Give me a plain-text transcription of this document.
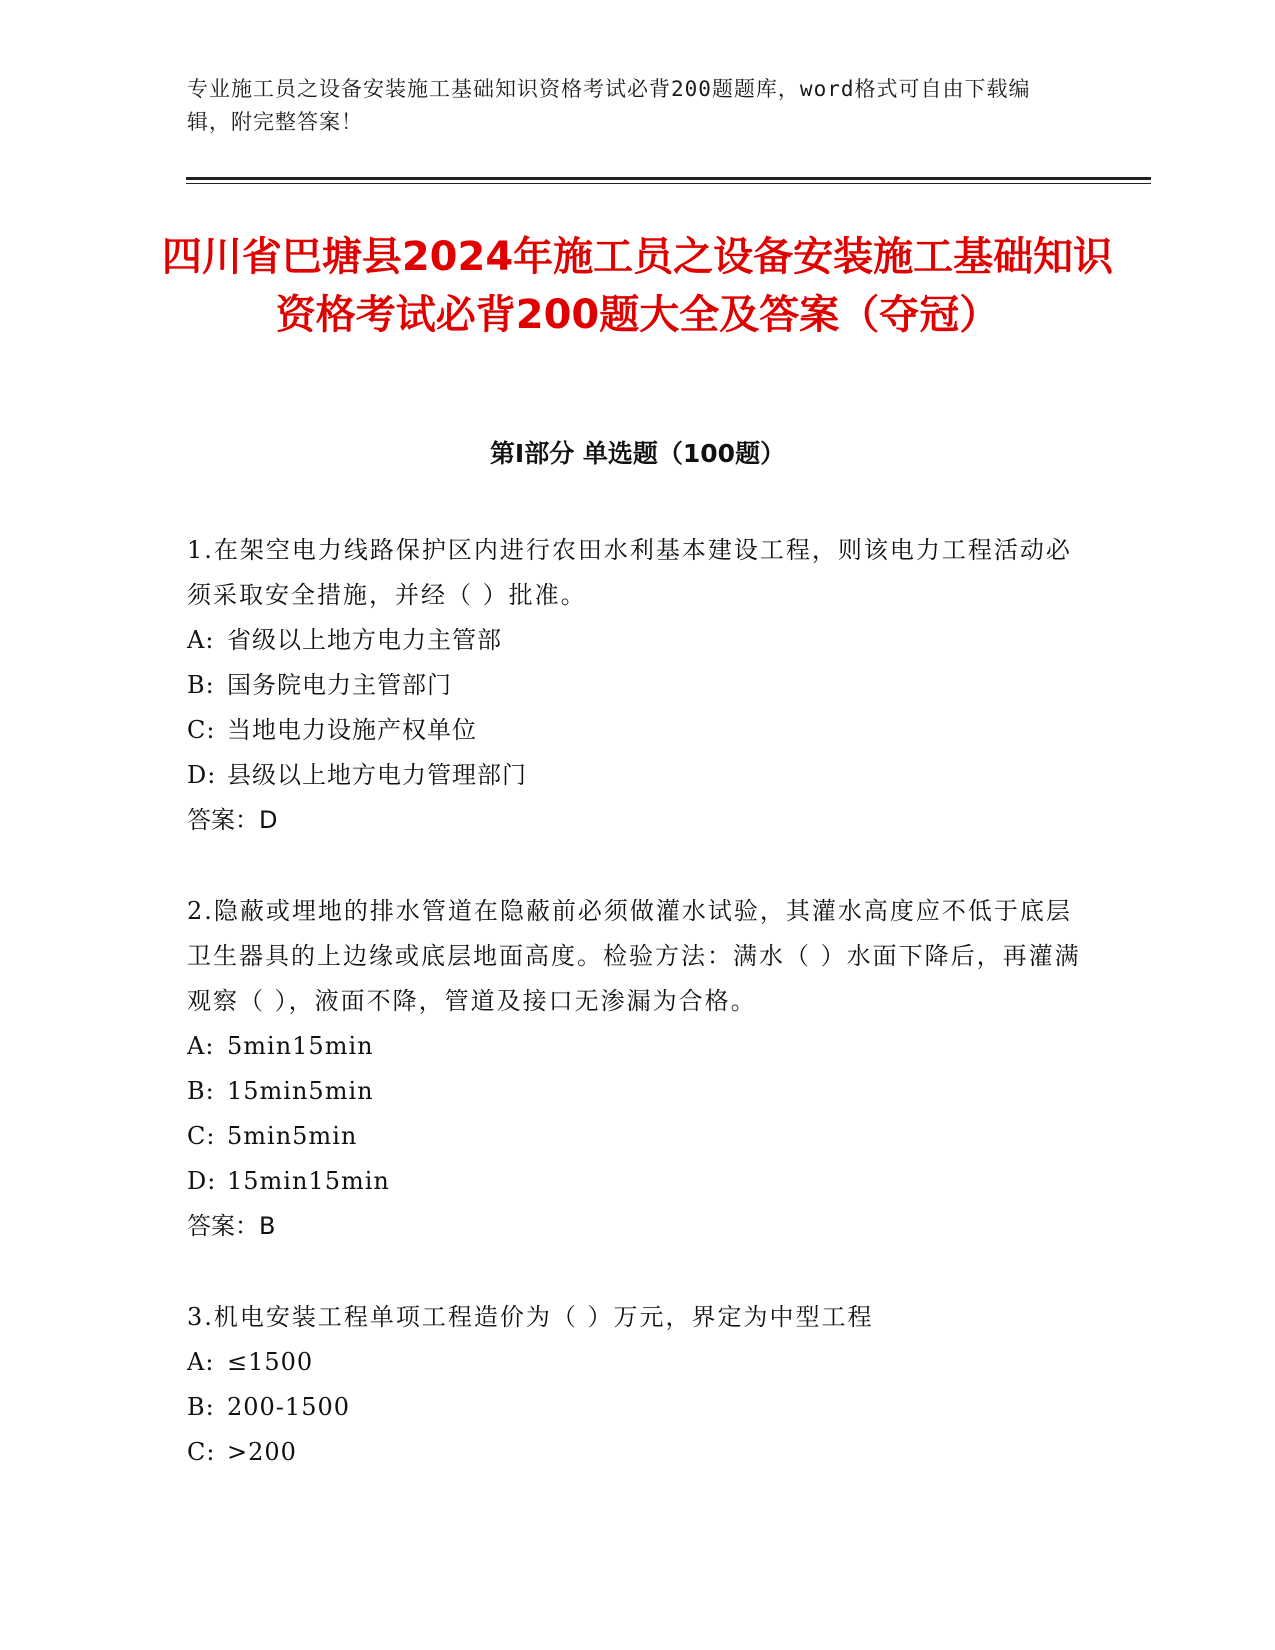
专业施工员之设备安装施工基础知识资格考试必背200题题库，word格式可自由下载编辑，附完整答案！
四川省巴塘县2024年施工员之设备安装施工基础知识资格考试必背200题大全及答案（夺冠）
第Ⅰ部分 单选题（100题）

1.在架空电力线路保护区内进行农田水利基本建设工程，则该电力工程活动必须采取安全措施，并经（ ）批准。

A: 省级以上地方电力主管部
B: 国务院电力主管部门
C: 当地电力设施产权单位
D: 县级以上地方电力管理部门
答案：D

2.隐蔽或埋地的排水管道在隐蔽前必须做灌水试验，其灌水高度应不低于底层卫生器具的上边缘或底层地面高度。检验方法：满水（ ）水面下降后，再灌满观察（ ），液面不降，管道及接口无渗漏为合格。

A: 5min15min
B: 15min5min
C: 5min5min
D: 15min15min
答案：B

3.机电安装工程单项工程造价为（ ）万元，界定为中型工程

A: ≤1500
B: 200-1500
C: >200
